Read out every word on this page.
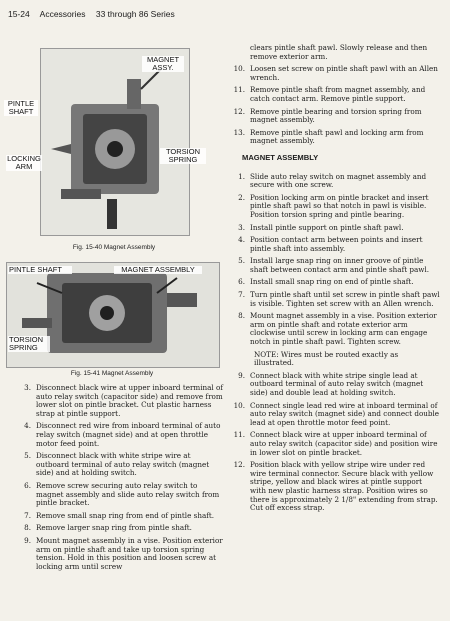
15-24 Accessories 33 through 86 Series
MAGNET ASSY.
PINTLE SHAFT
LOCKING ARM
TORSION SPRING
Fig. 15-40 Magnet Assembly
PINTLE SHAFT	MAGNET ASSEMBLY
TORSION SPRING
Fig. 15-41 Magnet Assembly
3. Disconnect black wire at upper inboard terminal of auto relay switch (capacitor side) and remove from lower slot on pintle bracket. Cut plastic harness strap at pintle support.
4. Disconnect red wire from inboard terminal of auto relay switch (magnet side) and at open throttle motor feed point.
5. Disconnect black with white stripe wire at outboard terminal of auto relay switch (magnet side) and at holding switch.
6. Remove screw securing auto relay switch to magnet assembly and slide auto relay switch from pintle bracket.
7. Remove small snap ring from end of pintle shaft.
8. Remove larger snap ring from pintle shaft.
9. Mount magnet assembly in a vise. Position exterior arm on pintle shaft and take up torsion spring tension. Hold in this position and loosen screw at locking arm until screw
clears pintle shaft pawl. Slowly release and then remove exterior arm.
10. Loosen set screw on pintle shaft pawl with an Allen wrench.
11. Remove pintle shaft from magnet assembly, and catch contact arm. Remove pintle support.
12. Remove pintle bearing and torsion spring from magnet assembly.
13. Remove pintle shaft pawl and locking arm from magnet assembly.
MAGNET ASSEMBLY
1. Slide auto relay switch on magnet assembly and secure with one screw.
2. Position locking arm on pintle bracket and insert pintle shaft pawl so that notch in pawl is visible. Position torsion spring and pintle bearing.
3. Install pintle support on pintle shaft pawl.
4. Position contact arm between points and insert pintle shaft into assembly.
5. Install large snap ring on inner groove of pintle shaft between contact arm and pintle shaft pawl.
6. Install small snap ring on end of pintle shaft.
7. Turn pintle shaft until set screw in pintle shaft pawl is visible. Tighten set screw with an Allen wrench.
8. Mount magnet assembly in a vise. Position exterior arm on pintle shaft and rotate exterior arm clockwise until screw in locking arm can engage notch in pintle shaft pawl. Tighten screw.
NOTE: Wires must be routed exactly as illustrated.
9. Connect black with white stripe single lead at outboard terminal of auto relay switch (magnet side) and double lead at holding switch.
10. Connect single lead red wire at inboard terminal of auto relay switch (magnet side) and connect double lead at open throttle motor feed point.
11. Connect black wire at upper inboard terminal of auto relay switch (capacitor side) and position wire in lower slot on pintle bracket.
12. Position black with yellow stripe wire under red wire terminal connector. Secure black with yellow stripe, yellow and black wires at pintle support with new plastic harness strap. Position wires so there is approximately 2 1/8" extending from strap. Cut off excess strap.
